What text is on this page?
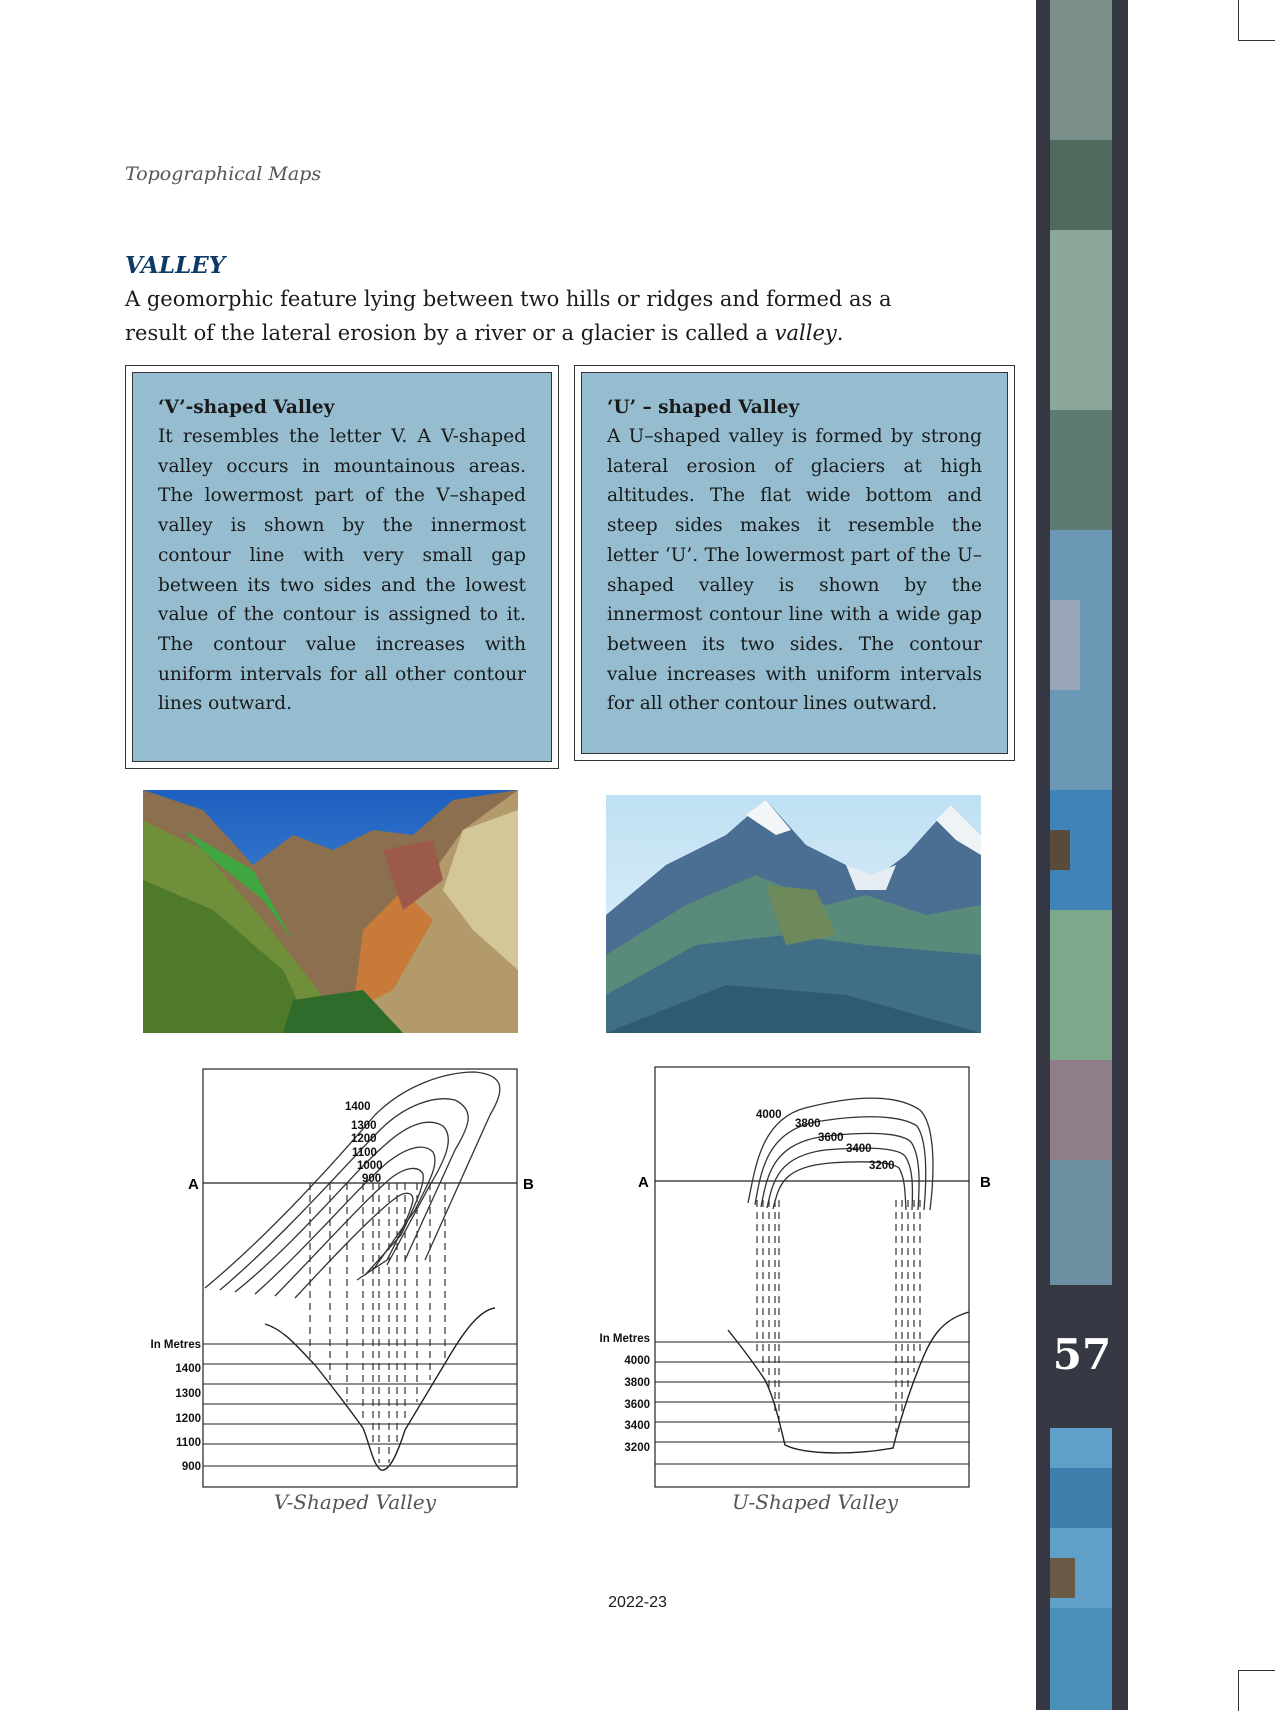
Topographical Maps
VALLEY

A geomorphic feature lying between two hills or ridges and formed as a result of the lateral erosion by a river or a glacier is called a valley.

‘V’-shaped Valley

It resembles the letter V. A V-shaped valley occurs in mountainous areas. The lowermost part of the V–shaped valley is shown by the innermost contour line with very small gap between its two sides and the lowest value of the contour is assigned to it. The contour value increases with uniform intervals for all other contour lines outward.

‘U’ – shaped Valley

A U–shaped valley is formed by strong lateral erosion of glaciers at high altitudes. The flat wide bottom and steep sides makes it resemble the letter ‘U’. The lowermost part of the U–shaped valley is shown by the innermost contour line with a wide gap between its two sides. The contour value increases with uniform intervals for all other contour lines outward.

A	B
1400
1300
1200
1100
1000
900
In Metres
1400
1300
1200
1100
900
V-Shaped Valley
A	B
4000
3800
3600
3400
3200
In Metres
4000
3800
3600
3400
3200
U-Shaped Valley
2022-23
57
